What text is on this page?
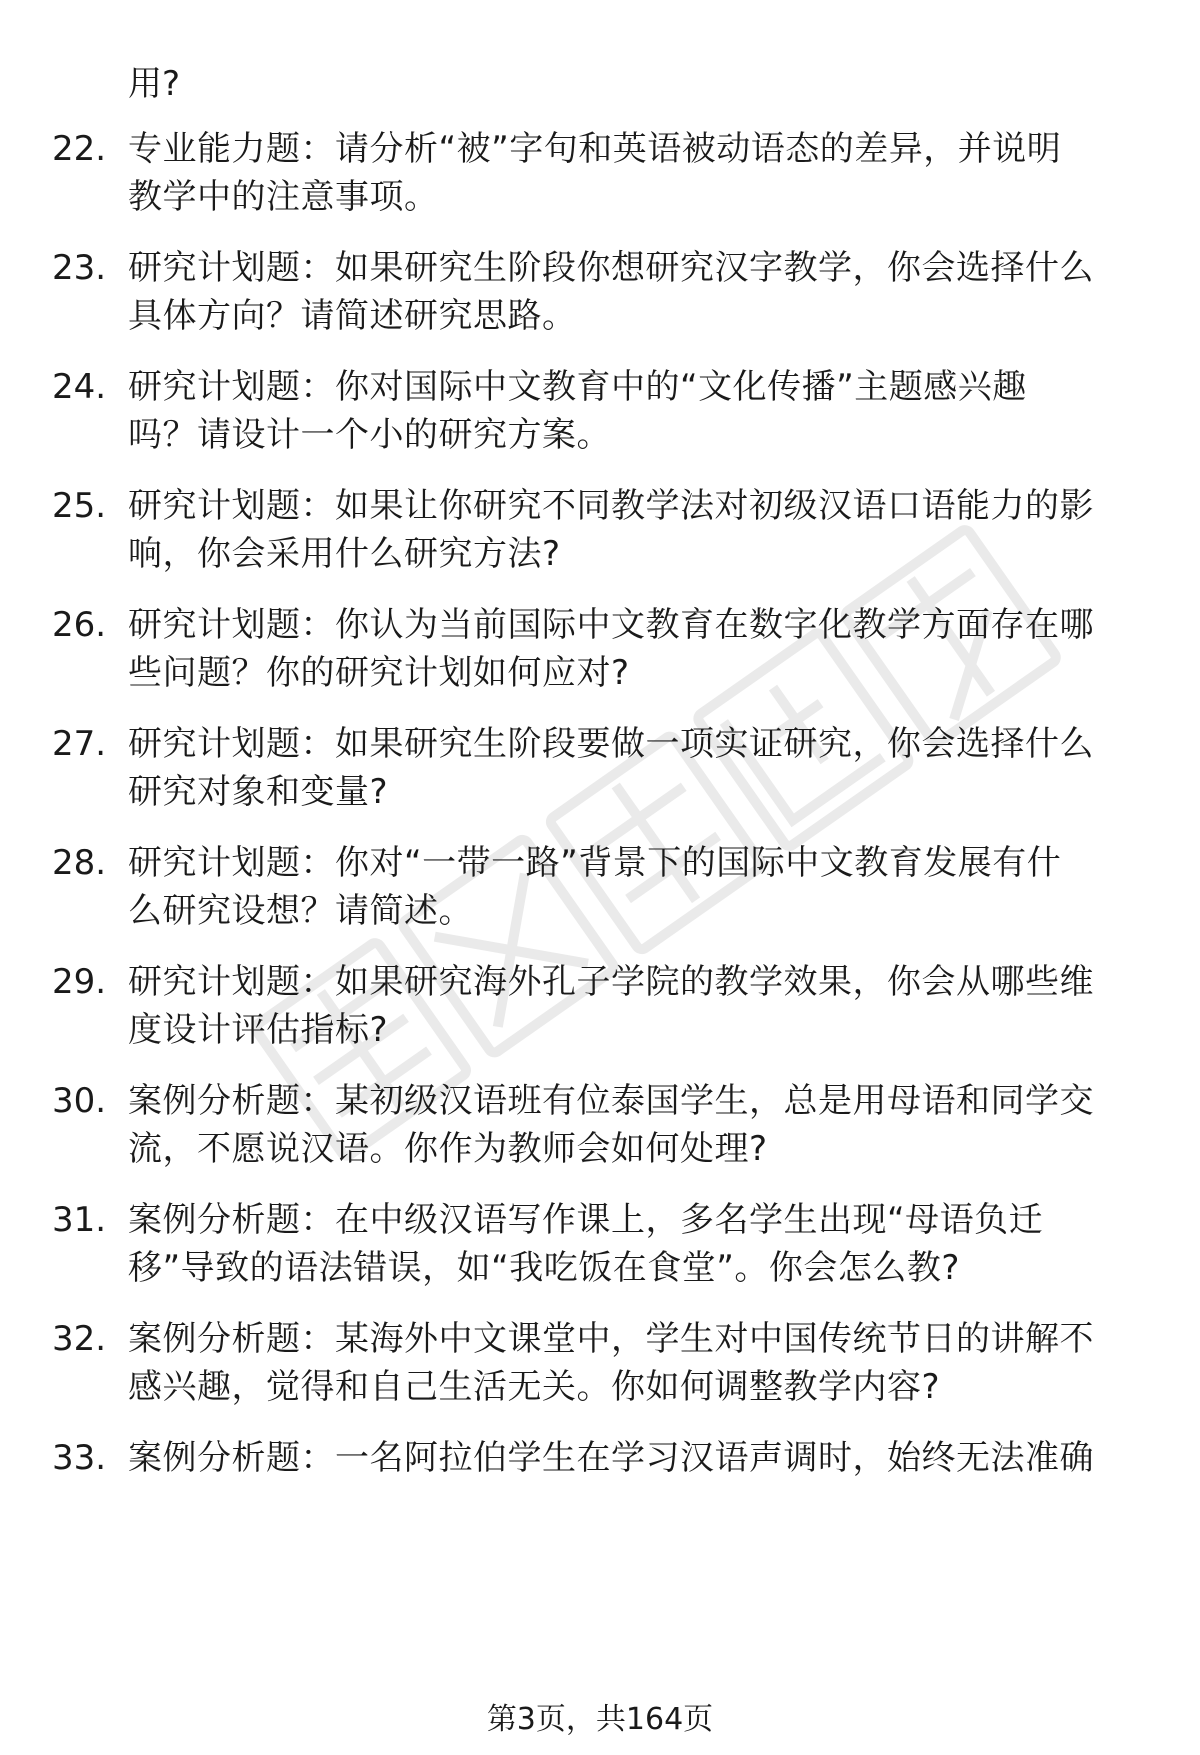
用?
22. 专业能力题：请分析“被”字句和英语被动语态的差异，并说明
教学中的注意事项。
23. 研究计划题：如果研究生阶段你想研究汉字教学，你会选择什么
具体方向？请简述研究思路。
24. 研究计划题：你对国际中文教育中的“文化传播”主题感兴趣
吗？请设计一个小的研究方案。
25. 研究计划题：如果让你研究不同教学法对初级汉语口语能力的影
响，你会采用什么研究方法?
26. 研究计划题：你认为当前国际中文教育在数字化教学方面存在哪
些问题？你的研究计划如何应对?
27. 研究计划题：如果研究生阶段要做一项实证研究，你会选择什么
研究对象和变量?
28. 研究计划题：你对“一带一路”背景下的国际中文教育发展有什
么研究设想？请简述。
29. 研究计划题：如果研究海外孔子学院的教学效果，你会从哪些维
度设计评估指标?
30. 案例分析题：某初级汉语班有位泰国学生，总是用母语和同学交
流，不愿说汉语。你作为教师会如何处理?
31. 案例分析题：在中级汉语写作课上，多名学生出现“母语负迁
移”导致的语法错误，如“我吃饭在食堂”。你会怎么教?
32. 案例分析题：某海外中文课堂中，学生对中国传统节日的讲解不
感兴趣，觉得和自己生活无关。你如何调整教学内容?
33. 案例分析题：一名阿拉伯学生在学习汉语声调时，始终无法准确
第3页，共164页
